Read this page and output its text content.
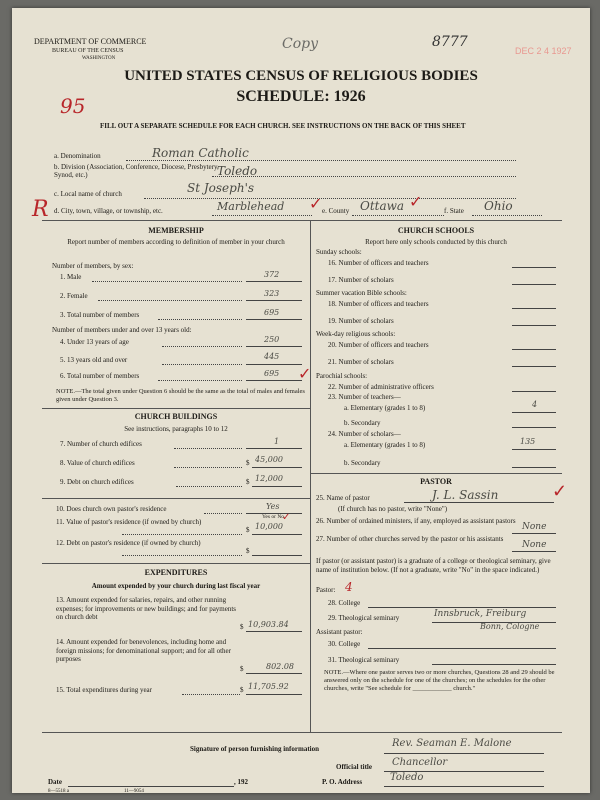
DEPARTMENT OF COMMERCE
BUREAU OF THE CENSUS
WASHINGTON
Copy	8777
DEC 2 4 1927
UNITED STATES CENSUS OF RELIGIOUS BODIES
SCHEDULE: 1926
95
FILL OUT A SEPARATE SCHEDULE FOR EACH CHURCH. SEE INSTRUCTIONS ON THE BACK OF THIS SHEET
a. Denomination	Roman Catholic
b. Division (Association, Conference, Diocese, Presbytery, Synod, etc.)	Toledo
c. Local name of church	St Joseph's
R d. City, town, village, or township, etc.	Marblehead ✓ e. County Ottawa ✓	f. State Ohio
MEMBERSHIP
Report number of members according to definition of member in your church
Number of members, by sex:
1. Male	372
2. Female	323
3. Total number of members	695
Number of members under and over 13 years old:
4. Under 13 years of age	250
5. 13 years old and over	445
6. Total number of members	695 ✓
NOTE.—The total given under Question 6 should be the same as the total of males and females given under Question 3.
CHURCH BUILDINGS
See instructions, paragraphs 10 to 12
7. Number of church edifices	1
8. Value of church edifices	$ 45,000
9. Debt on church edifices	$ 12,000
10. Does church own pastor's residence	Yes
Yes or No
✓
11. Value of pastor's residence (if owned by church)
$ 10,000
12. Debt on pastor's residence (if owned by church)
$
EXPENDITURES
Amount expended by your church during last fiscal year
13. Amount expended for salaries, repairs, and other running expenses; for improvements or new buildings; and for payments on church debt
$ 10,903.84
14. Amount expended for benevolences, including home and foreign missions; for denominational support; and for all other purposes
$	802.08
15. Total expenditures during year	$ 11,705.92
CHURCH SCHOOLS
Report here only schools conducted by this church
Sunday schools:
16. Number of officers and teachers
17. Number of scholars
Summer vacation Bible schools:
18. Number of officers and teachers
19. Number of scholars
Week-day religious schools:
20. Number of officers and teachers
21. Number of scholars
Parochial schools:
22. Number of administrative officers
23. Number of teachers—
a. Elementary (grades 1 to 8)	4
b. Secondary
24. Number of scholars—
a. Elementary (grades 1 to 8)	135
b. Secondary
PASTOR
25. Name of pastor	J. L. Sassin	✓
(If church has no pastor, write "None")
26. Number of ordained ministers, if any, employed as assistant pastors
None
27. Number of other churches served by the pastor or his assistants
None
If pastor (or assistant pastor) is a graduate of a college or theological seminary, give name of institution below. (If not a graduate, write "No" in the space indicated.)
Pastor: 4
28. College
29. Theological seminary	Innsbruck, Freiburg
Bonn, Cologne
Assistant pastor:
30. College
31. Theological seminary
NOTE.—Where one pastor serves two or more churches, Questions 28 and 29 should be answered only on the schedule for one of the churches; on the schedules for the other churches, write "See schedule for ____________ church."
Signature of person furnishing information	Rev. Seaman E. Malone
Official title Chancellor
Date	, 192	P. O. Address	Toledo
8—5518 a	11—9054
